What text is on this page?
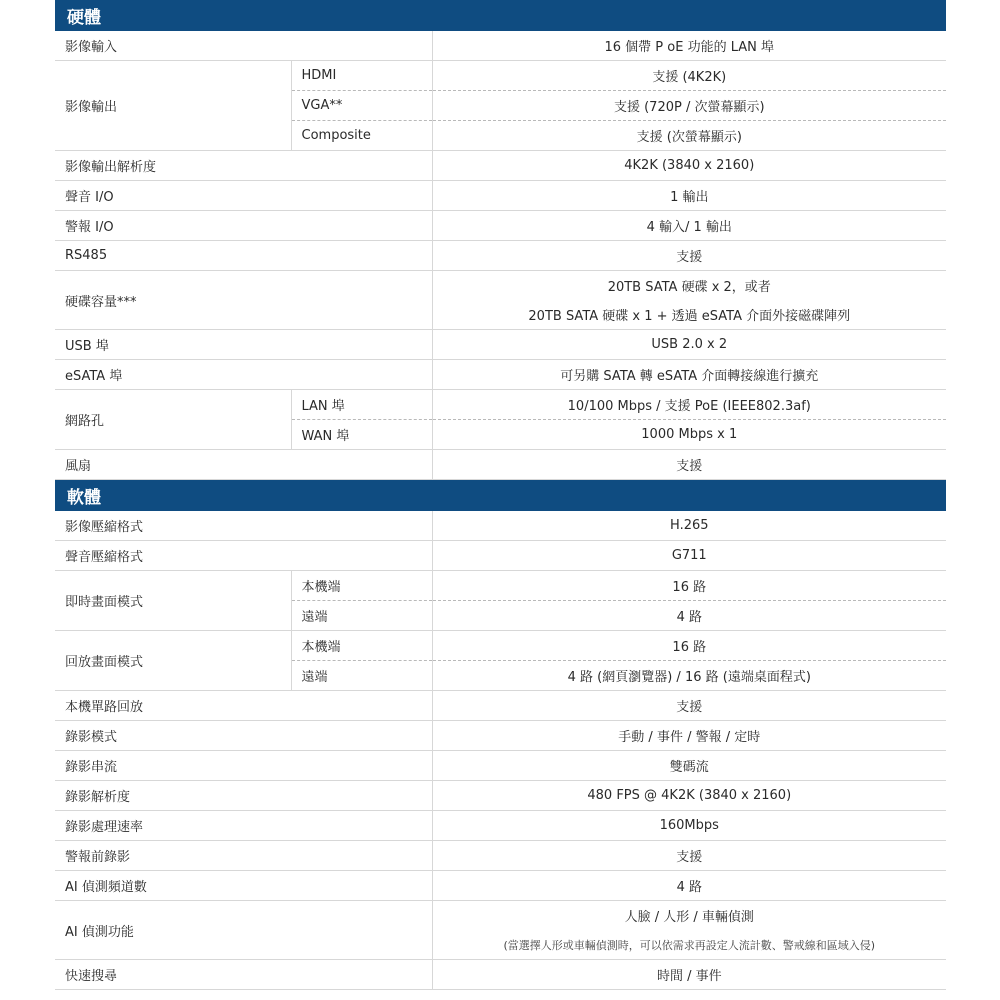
硬體		
影像輸入		16 個帶 P oE 功能的 LAN 埠
影像輸出	HDMI	支援 (4K2K)
	VGA**	支援 (720P / 次螢幕顯示)
	Composite	支援 (次螢幕顯示)
影像輸出解析度		4K2K (3840 x 2160)
聲音 I/O		1 輸出
警報 I/O		4 輸入/ 1 輸出
RS485		支援
硬碟容量***		20TB SATA 硬碟 x 2，或者
		20TB SATA 硬碟 x 1 + 透過 eSATA 介面外接磁碟陣列
USB 埠		USB 2.0 x 2
eSATA 埠		可另購 SATA 轉 eSATA 介面轉接線進行擴充
網路孔	LAN 埠	10/100 Mbps / 支援 PoE (IEEE802.3af)
	WAN 埠	1000 Mbps x 1
風扇		支援
軟體		
影像壓縮格式		H.265
聲音壓縮格式		G711
即時畫面模式	本機端	16 路
	遠端	4 路
回放畫面模式	本機端	16 路
	遠端	4 路 (網頁瀏覽器) / 16 路 (遠端桌面程式)
本機單路回放		支援
錄影模式		手動 / 事件 / 警報 / 定時
錄影串流		雙碼流
錄影解析度		480 FPS @ 4K2K (3840 x 2160)
錄影處理速率		160Mbps
警報前錄影		支援
AI 偵測頻道數		4 路
AI 偵測功能		人臉 / 人形 / 車輛偵測
		(當選擇人形或車輛偵測時，可以依需求再設定人流計數、警戒線和區域入侵)
快速搜尋		時間 / 事件
